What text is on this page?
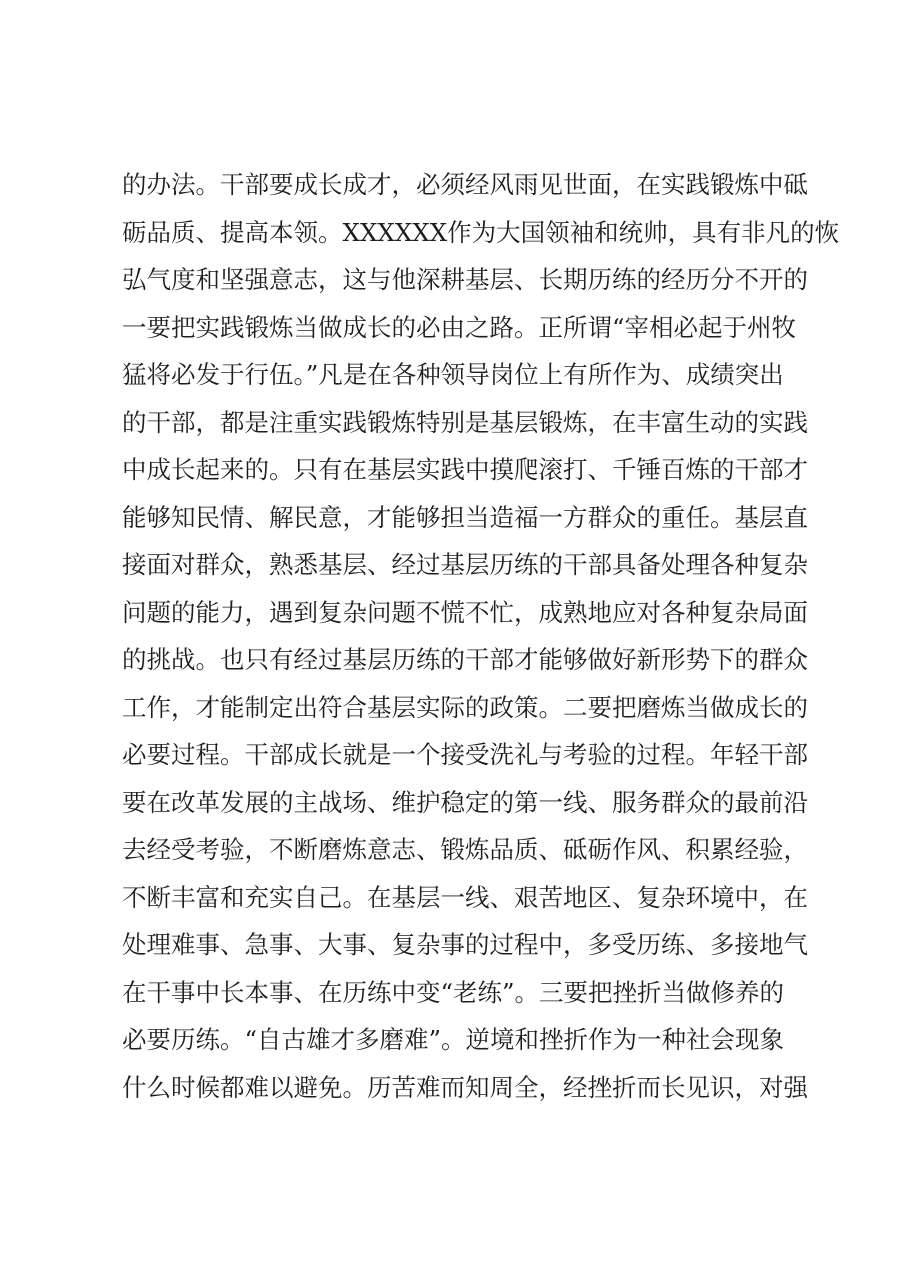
的办法。干部要成长成才，必须经风雨见世面，在实践锻炼中砥
砺品质、提高本领。XXXXXX作为大国领袖和统帅，具有非凡的恢
弘气度和坚强意志，这与他深耕基层、长期历练的经历分不开的
一要把实践锻炼当做成长的必由之路。正所谓“宰相必起于州牧
猛将必发于行伍。”凡是在各种领导岗位上有所作为、成绩突出
的干部，都是注重实践锻炼特别是基层锻炼，在丰富生动的实践
中成长起来的。只有在基层实践中摸爬滚打、千锤百炼的干部才
能够知民情、解民意，才能够担当造福一方群众的重任。基层直
接面对群众，熟悉基层、经过基层历练的干部具备处理各种复杂
问题的能力，遇到复杂问题不慌不忙，成熟地应对各种复杂局面
的挑战。也只有经过基层历练的干部才能够做好新形势下的群众
工作，才能制定出符合基层实际的政策。二要把磨炼当做成长的
必要过程。干部成长就是一个接受洗礼与考验的过程。年轻干部
要在改革发展的主战场、维护稳定的第一线、服务群众的最前沿
去经受考验，不断磨炼意志、锻炼品质、砥砺作风、积累经验，
不断丰富和充实自己。在基层一线、艰苦地区、复杂环境中，在
处理难事、急事、大事、复杂事的过程中，多受历练、多接地气
在干事中长本事、在历练中变“老练”。三要把挫折当做修养的
必要历练。“自古雄才多磨难”。逆境和挫折作为一种社会现象
什么时候都难以避免。历苦难而知周全，经挫折而长见识，对强
